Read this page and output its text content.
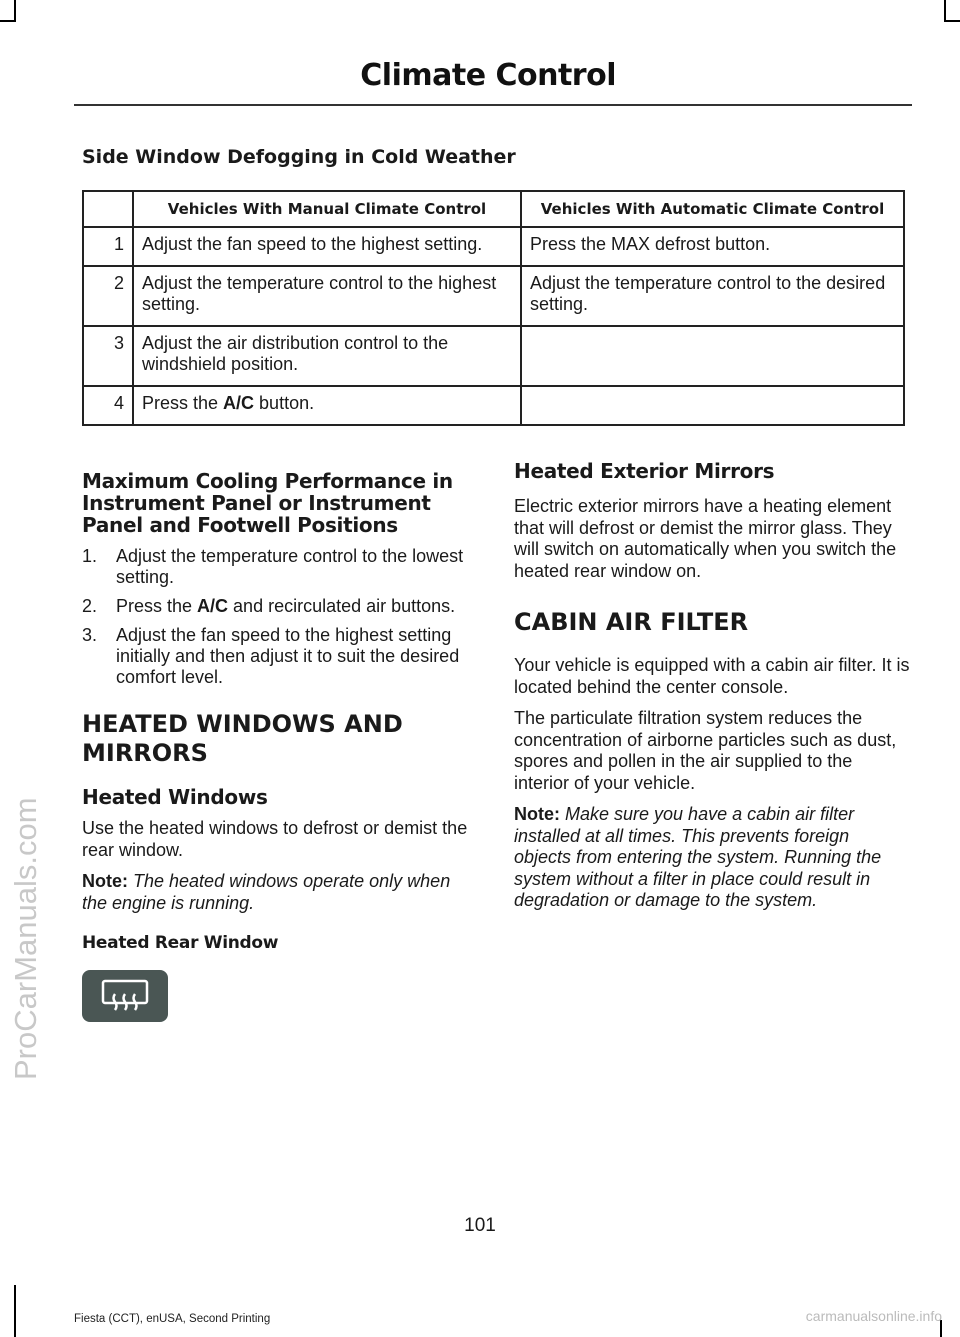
ProCarManuals.com
Climate Control
Side Window Defogging in Cold Weather
	Vehicles With Manual Climate Control	Vehicles With Automatic Climate Control
1	Adjust the fan speed to the highest setting.	Press the MAX defrost button.
2	Adjust the temperature control to the highest setting.	Adjust the temperature control to the desired setting.
3	Adjust the air distribution control to the windshield position.	
4	Press the A/C button.	
Maximum Cooling Performance in Instrument Panel or Instrument Panel and Footwell Positions
1. Adjust the temperature control to the lowest setting.
2. Press the A/C and recirculated air buttons.
3. Adjust the fan speed to the highest setting initially and then adjust it to suit the desired comfort level.
HEATED WINDOWS AND MIRRORS
Heated Windows

Use the heated windows to defrost or demist the rear window.

Note: The heated windows operate only when the engine is running.

Heated Rear Window
Heated Exterior Mirrors

Electric exterior mirrors have a heating element that will defrost or demist the mirror glass. They will switch on automatically when you switch the heated rear window on.

CABIN AIR FILTER

Your vehicle is equipped with a cabin air filter. It is located behind the center console.

The particulate filtration system reduces the concentration of airborne particles such as dust, spores and pollen in the air supplied to the interior of your vehicle.

Note: Make sure you have a cabin air filter installed at all times. This prevents foreign objects from entering the system. Running the system without a filter in place could result in degradation or damage to the system.

101
Fiesta (CCT), enUSA, Second Printing	carmanualsonline.info
